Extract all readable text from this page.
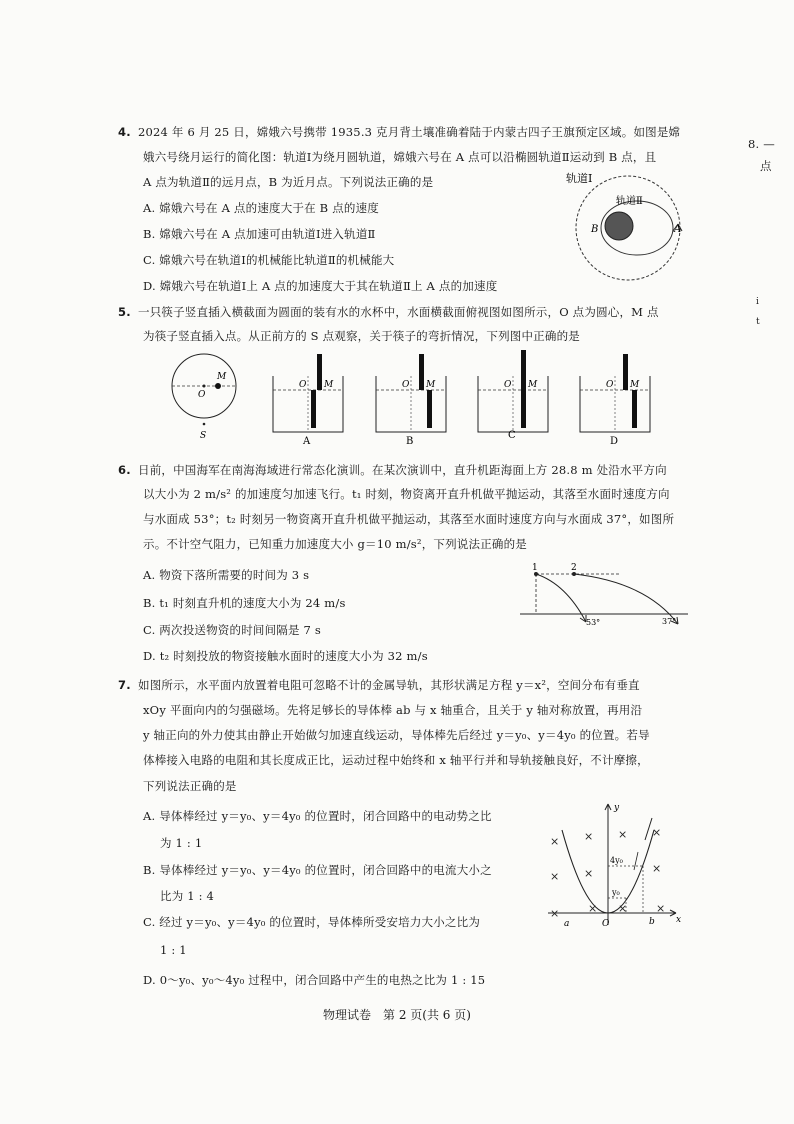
8. —
点
i
t
4. 2024 年 6 月 25 日，嫦娥六号携带 1935.3 克月背土壤准确着陆于内蒙古四子王旗预定区域。如图是嫦
娥六号绕月运行的简化图：轨道Ⅰ为绕月圆轨道，嫦娥六号在 A 点可以沿椭圆轨道Ⅱ运动到 B 点，且
A 点为轨道Ⅱ的远月点，B 为近月点。下列说法正确的是
A. 嫦娥六号在 A 点的速度大于在 B 点的速度
B. 嫦娥六号在 A 点加速可由轨道Ⅰ进入轨道Ⅱ
C. 嫦娥六号在轨道Ⅰ的机械能比轨道Ⅱ的机械能大
D. 嫦娥六号在轨道Ⅰ上 A 点的加速度大于其在轨道Ⅱ上 A 点的加速度
轨道Ⅰ
轨道Ⅱ
B	A
5. 一只筷子竖直插入横截面为圆面的装有水的水杯中，水面横截面俯视图如图所示，O 点为圆心，M 点
为筷子竖直插入点。从正前方的 S 点观察，关于筷子的弯折情况，下列图中正确的是
M
O
S
O M
A
O M
B
O M
C
O M
D
6. 日前，中国海军在南海海域进行常态化演训。在某次演训中，直升机距海面上方 28.8 m 处沿水平方向
以大小为 2 m/s² 的加速度匀加速飞行。t₁ 时刻，物资离开直升机做平抛运动，其落至水面时速度方向
与水面成 53°；t₂ 时刻另一物资离开直升机做平抛运动，其落至水面时速度方向与水面成 37°，如图所
示。不计空气阻力，已知重力加速度大小 g＝10 m/s²，下列说法正确的是
A. 物资下落所需要的时间为 3 s
B. t₁ 时刻直升机的速度大小为 24 m/s
C. 两次投送物资的时间间隔是 7 s
D. t₂ 时刻投放的物资接触水面时的速度大小为 32 m/s
1	2
53°	37°
7. 如图所示，水平面内放置着电阻可忽略不计的金属导轨，其形状满足方程 y＝x²，空间分布有垂直
xOy 平面向内的匀强磁场。先将足够长的导体棒 ab 与 x 轴重合，且关于 y 轴对称放置，再用沿
y 轴正向的外力使其由静止开始做匀加速直线运动，导体棒先后经过 y＝y₀、y＝4y₀ 的位置。若导
体棒接入电路的电阻和其长度成正比，运动过程中始终和 x 轴平行并和导轨接触良好，不计摩擦，
下列说法正确的是
A. 导体棒经过 y＝y₀、y＝4y₀ 的位置时，闭合回路中的电动势之比
为 1 : 1
B. 导体棒经过 y＝y₀、y＝4y₀ 的位置时，闭合回路中的电流大小之
比为 1 : 4
C. 经过 y＝y₀、y＝4y₀ 的位置时，导体棒所受安培力大小之比为
1 : 1
D. 0～y₀、y₀～4y₀ 过程中，闭合回路中产生的电热之比为 1 : 15
y
x
O
a	b
4y₀
y₀
× × × ×
× ×	×
×	× ×	×
物理试卷　第 2 页(共 6 页)
